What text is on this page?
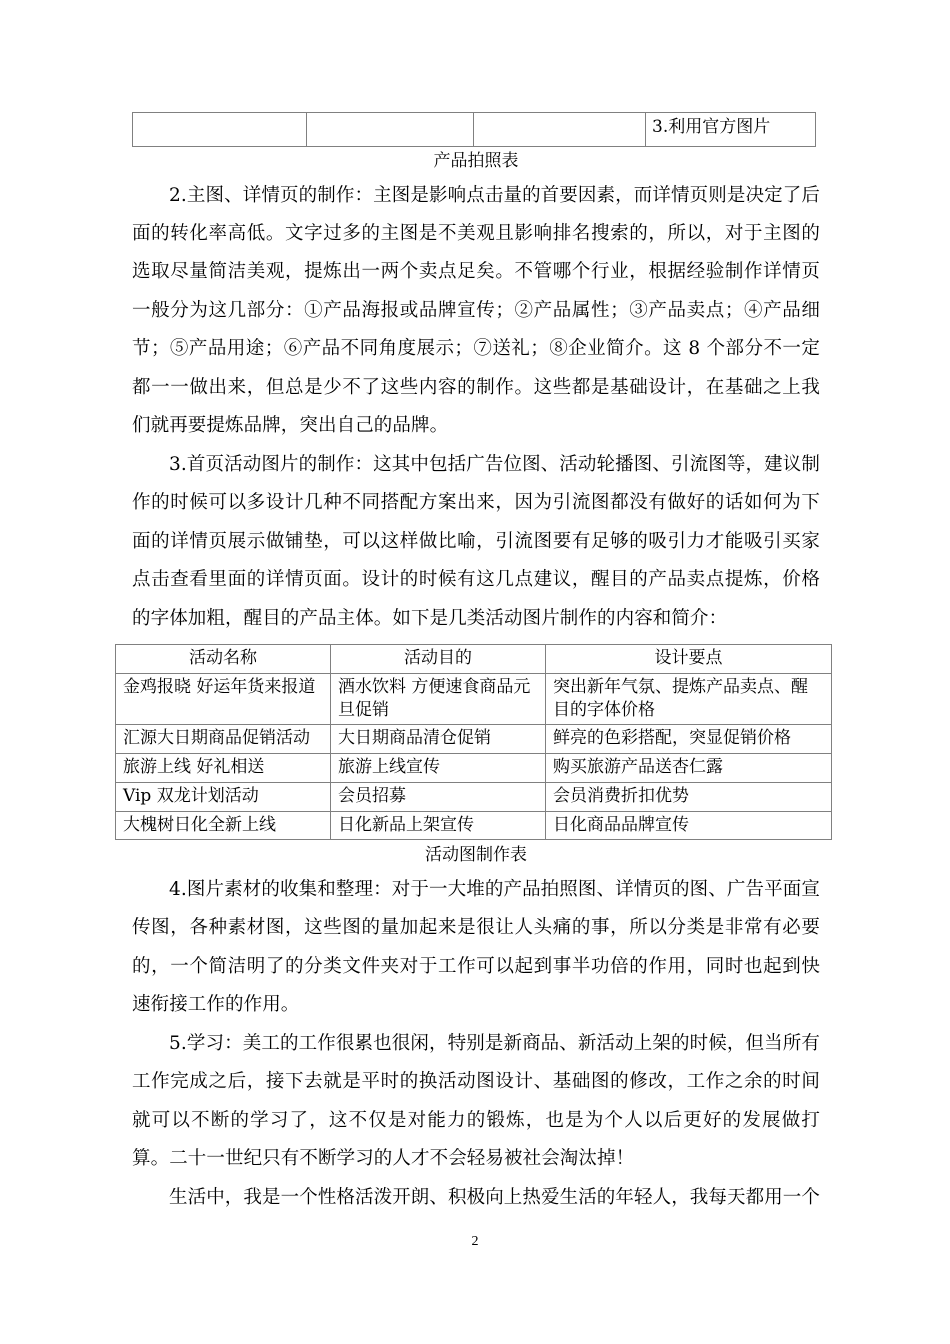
			3.利用官方图片
产品拍照表

2.主图、详情页的制作：主图是影响点击量的首要因素，而详情页则是决定了后面的转化率高低。文字过多的主图是不美观且影响排名搜索的，所以，对于主图的选取尽量简洁美观，提炼出一两个卖点足矣。不管哪个行业，根据经验制作详情页一般分为这几部分：①产品海报或品牌宣传；②产品属性；③产品卖点；④产品细节；⑤产品用途；⑥产品不同角度展示；⑦送礼；⑧企业简介。这 8 个部分不一定都一一做出来，但总是少不了这些内容的制作。这些都是基础设计，在基础之上我们就再要提炼品牌，突出自己的品牌。

3.首页活动图片的制作：这其中包括广告位图、活动轮播图、引流图等，建议制作的时候可以多设计几种不同搭配方案出来，因为引流图都没有做好的话如何为下面的详情页展示做铺垫，可以这样做比喻，引流图要有足够的吸引力才能吸引买家点击查看里面的详情页面。设计的时候有这几点建议，醒目的产品卖点提炼，价格的字体加粗，醒目的产品主体。如下是几类活动图片制作的内容和简介：

活动名称	活动目的	设计要点
金鸡报晓 好运年货来报道	酒水饮料 方便速食商品元旦促销	突出新年气氛、提炼产品卖点、醒目的字体价格
汇源大日期商品促销活动	大日期商品清仓促销	鲜亮的色彩搭配，突显促销价格
旅游上线 好礼相送	旅游上线宣传	购买旅游产品送杏仁露
Vip 双龙计划活动	会员招募	会员消费折扣优势
大槐树日化全新上线	日化新品上架宣传	日化商品品牌宣传
活动图制作表

4.图片素材的收集和整理：对于一大堆的产品拍照图、详情页的图、广告平面宣传图，各种素材图，这些图的量加起来是很让人头痛的事，所以分类是非常有必要的，一个简洁明了的分类文件夹对于工作可以起到事半功倍的作用，同时也起到快速衔接工作的作用。

5.学习：美工的工作很累也很闲，特别是新商品、新活动上架的时候，但当所有工作完成之后，接下去就是平时的换活动图设计、基础图的修改，工作之余的时间就可以不断的学习了，这不仅是对能力的锻炼，也是为个人以后更好的发展做打算。二十一世纪只有不断学习的人才不会轻易被社会淘汰掉！

生活中，我是一个性格活泼开朗、积极向上热爱生活的年轻人，我每天都用一个

2
